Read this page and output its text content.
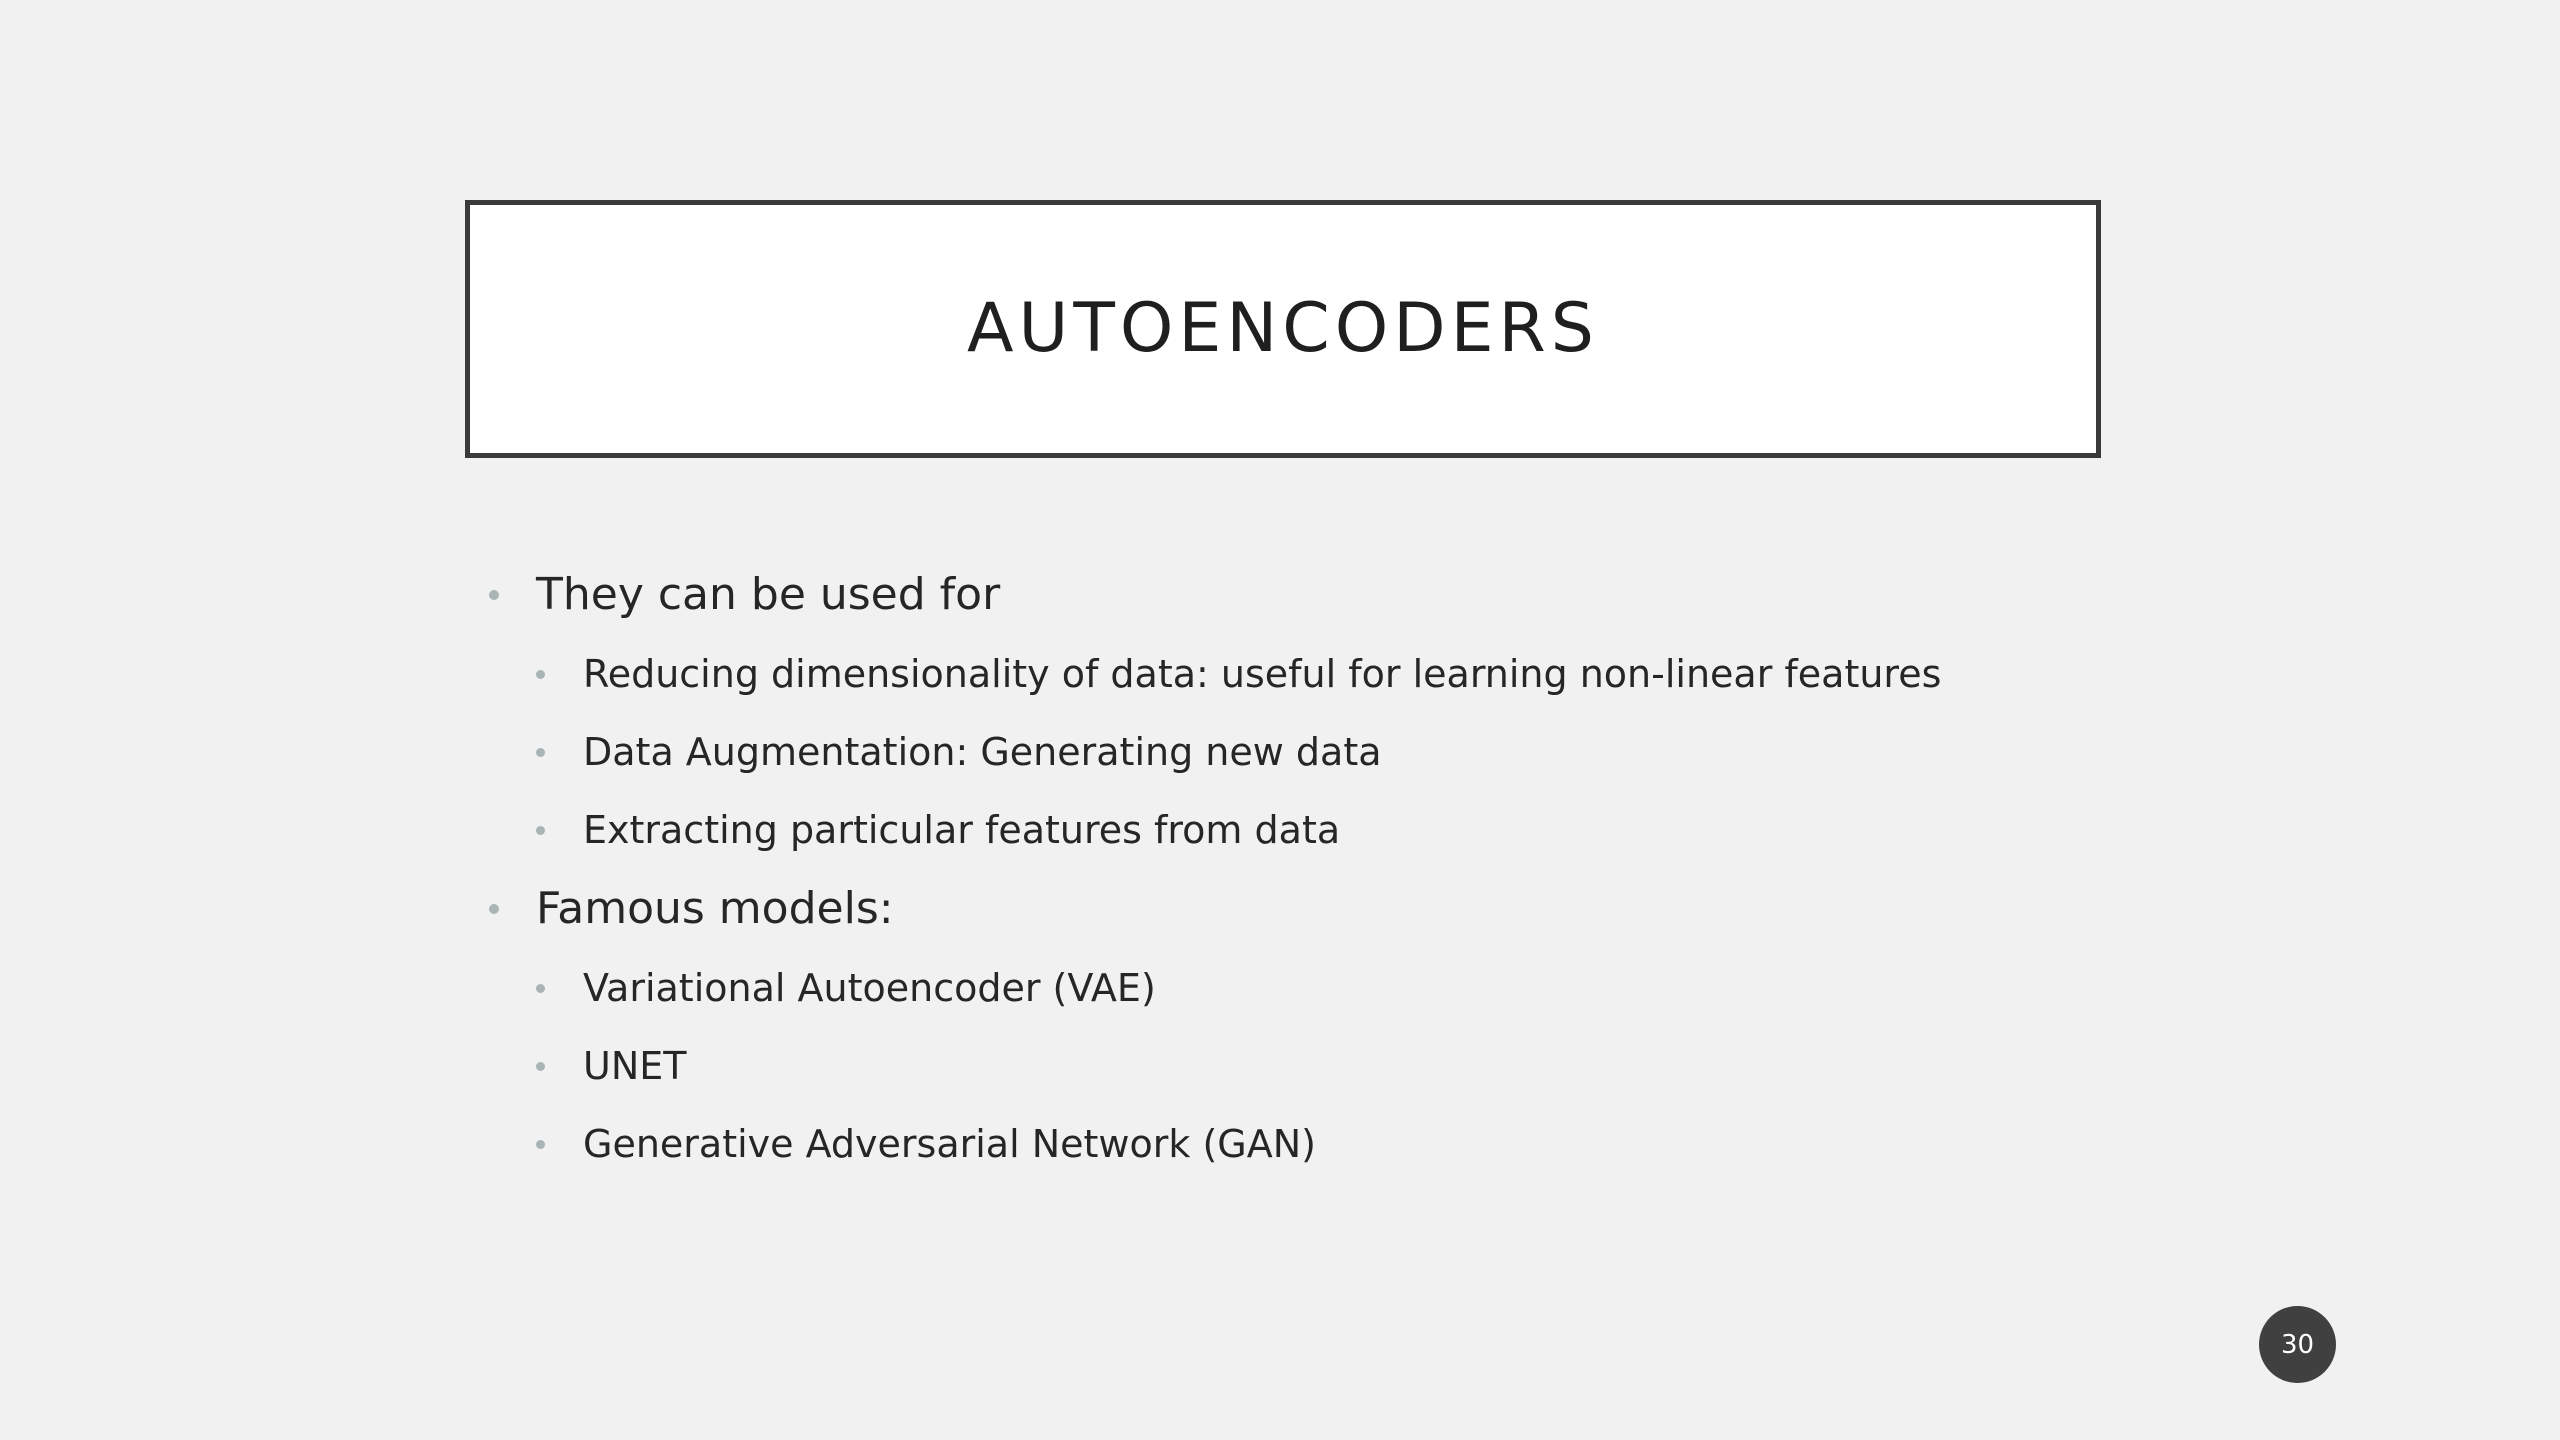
AUTOENCODERS
They can be used for
Reducing dimensionality of data: useful for learning non-linear features
Data Augmentation: Generating new data
Extracting particular features from data
Famous models:
Variational Autoencoder (VAE)
UNET
Generative Adversarial Network (GAN)
30
